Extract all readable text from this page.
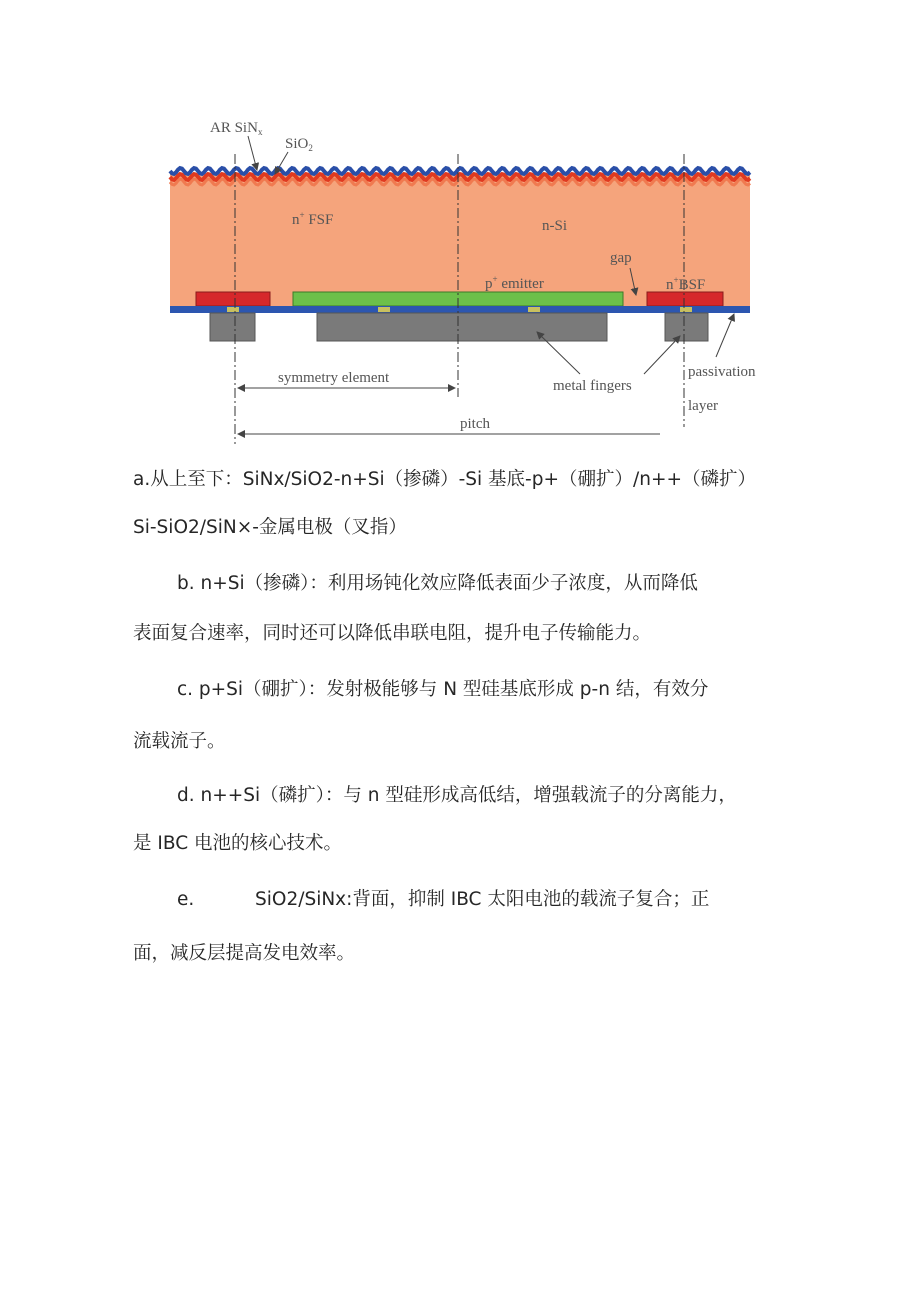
AR SiN$_x$
SiO$_2$
n+ FSF	n-Si
gap
p+ emitter	n+BSF
symmetry element	metal fingers
passivation
layer
pitch
a.从上至下：SiNx/SiO2-n+Si（掺磷）-Si 基底-p+（硼扩）/n++（磷扩）
Si-SiO2/SiN×-金属电极（叉指）
b. n+Si（掺磷）：利用场钝化效应降低表面少子浓度，从而降低
表面复合速率，同时还可以降低串联电阻，提升电子传输能力。
c. p+Si（硼扩）：发射极能够与 N 型硅基底形成 p-n 结，有效分
流载流子。
d. n++Si（磷扩）：与 n 型硅形成高低结，增强载流子的分离能力，
是 IBC 电池的核心技术。
e.	SiO2/SiNx:背面，抑制 IBC 太阳电池的载流子复合；正
面，减反层提高发电效率。
